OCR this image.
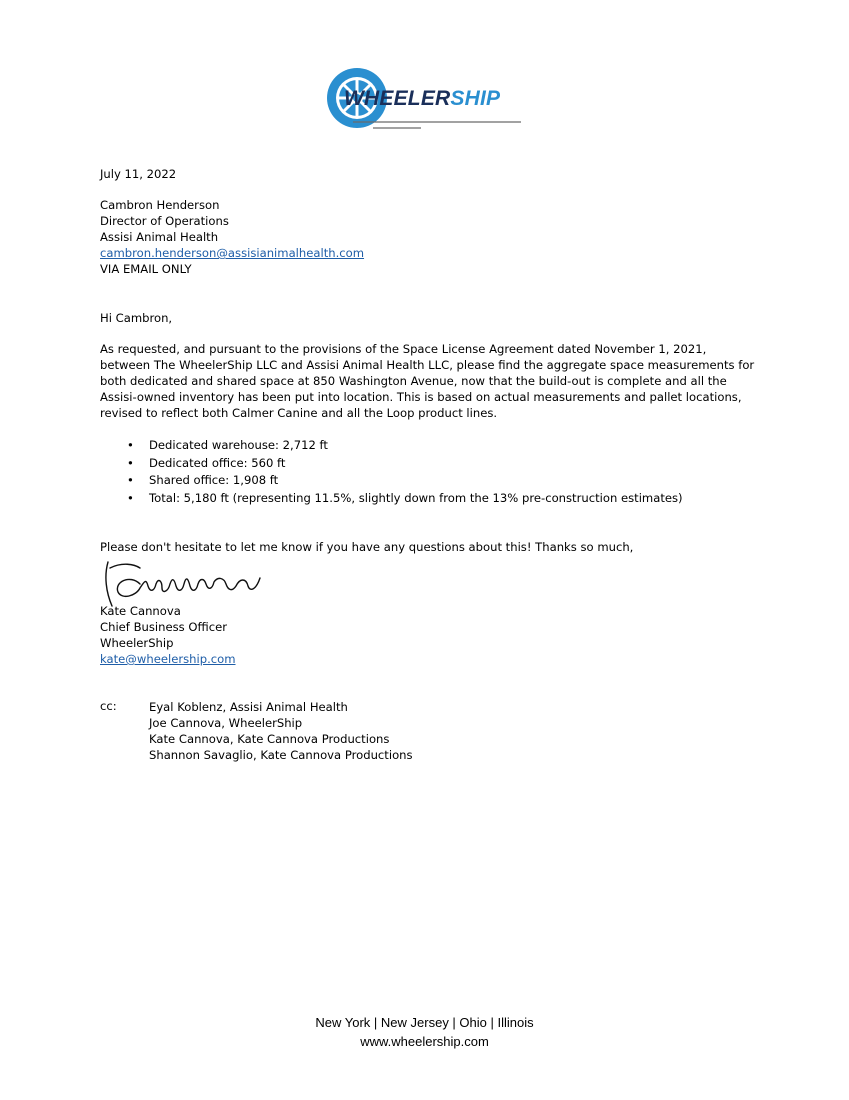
WHEELERSHIP
July 11, 2022
Cambron Henderson
Director of Operations
Assisi Animal Health
cambron.henderson@assisianimalhealth.com
VIA EMAIL ONLY
Hi Cambron,
As requested, and pursuant to the provisions of the Space License Agreement dated November 1, 2021, between The WheelerShip LLC and Assisi Animal Health LLC, please find the aggregate space measurements for both dedicated and shared space at 850 Washington Avenue, now that the build-out is complete and all the Assisi-owned inventory has been put into location. This is based on actual measurements and pallet locations, revised to reflect both Calmer Canine and all the Loop product lines.
• Dedicated warehouse: 2,712 ft
• Dedicated office: 560 ft
• Shared office: 1,908 ft
• Total: 5,180 ft (representing 11.5%, slightly down from the 13% pre-construction estimates)
Please don't hesitate to let me know if you have any questions about this! Thanks so much,
Kate Cannova
Chief Business Officer
WheelerShip
kate@wheelership.com
cc:	Eyal Koblenz, Assisi Animal Health
Joe Cannova, WheelerShip
Kate Cannova, Kate Cannova Productions
Shannon Savaglio, Kate Cannova Productions
New York | New Jersey | Ohio | Illinois
www.wheelership.com
